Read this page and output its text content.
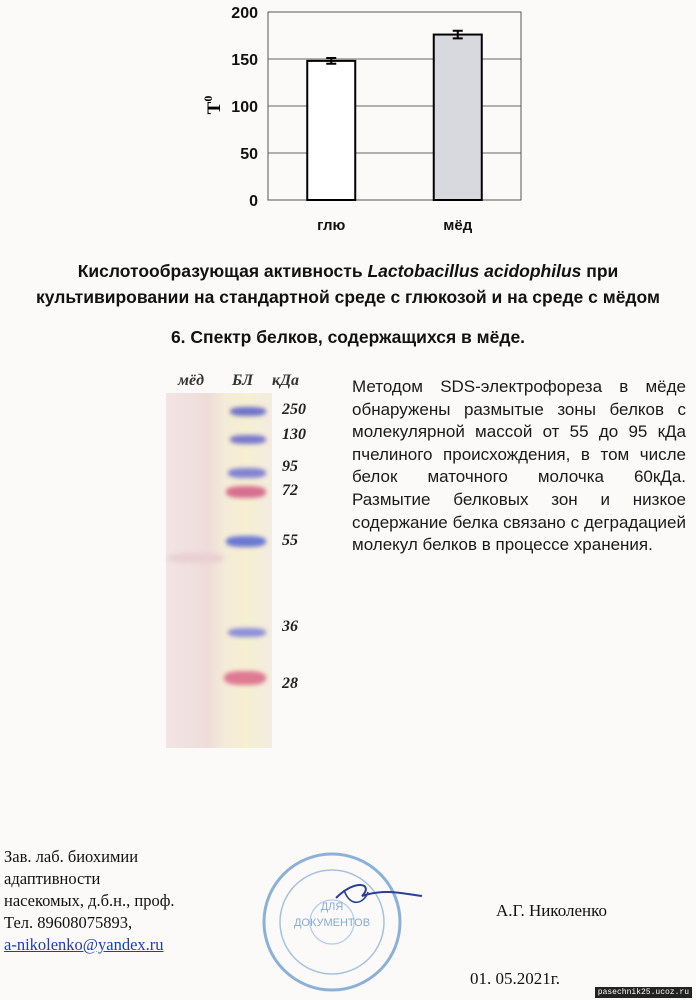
0
50
100
150
200
глю	мёд
$T^0$
Кислотообразующая активность Lactobacillus acidophilus при
культивировании на стандартной среде с глюкозой и на среде с мёдом
6. Спектр белков, содержащихся в мёде.
мёд БЛ кДа
250
130
95
72
55
36
28
Методом SDS-электрофореза в мёде обнаружены размытые зоны белков с молекулярной массой от 55 до 95 кДа пчелиного происхождения, в том числе белок маточного молочка 60кДа. Размытие белковых зон и низкое содержание белка связано с деградацией молекул белков в процессе хранения.
Зав. лаб. биохимии
адаптивности
насекомых, д.б.н., проф.
Тел. 89608075893,
a-nikolenko@yandex.ru
ДЛЯ
ДОКУМЕНТОВ
А.Г. Николенко
01. 05.2021г.
pasechnik25.ucoz.ru
